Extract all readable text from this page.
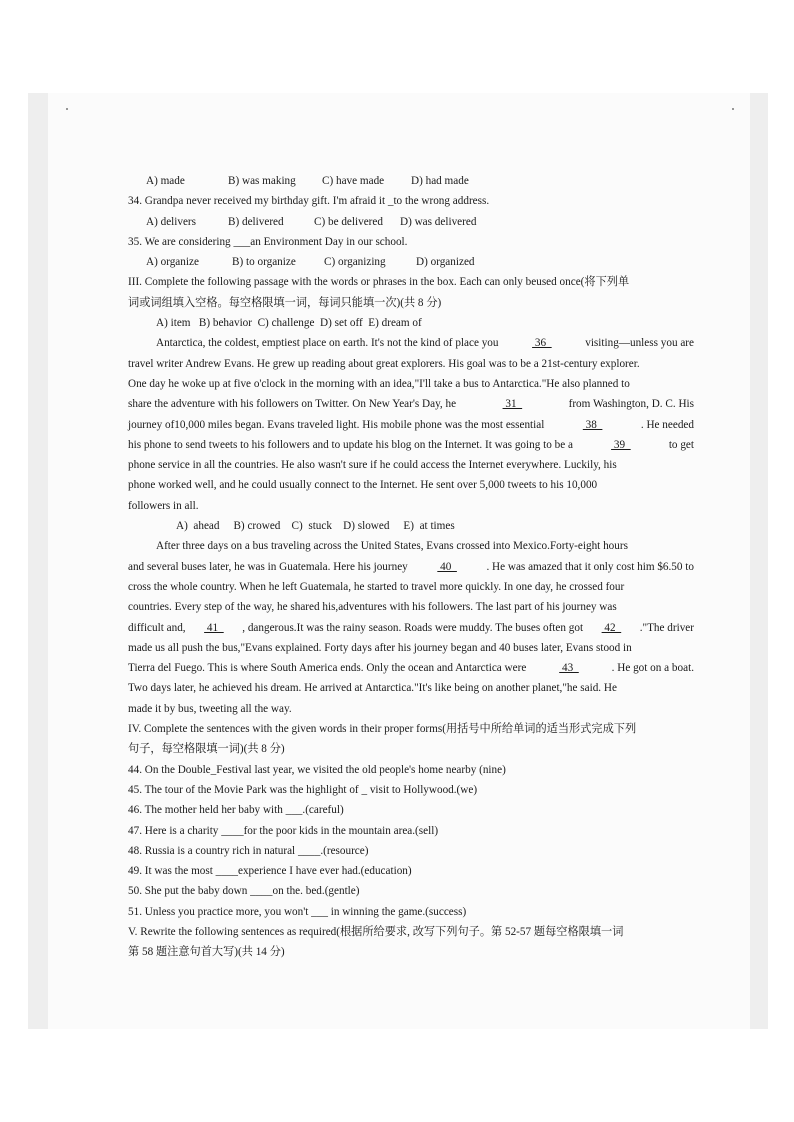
A) made	B) was making C) have made D) had made
34. Grandpa never received my birthday gift. I'm afraid it _to the wrong address.
A) delivers	B) delivered	C) be delivered D) was delivered
35. We are considering ___an Environment Day in our school.
A) organize	B) to organize	C) organizing	D) organized
III. Complete the following passage with the words or phrases in the box. Each can only beused once(将下列单
词或词组填入空格。每空格限填一词，每词只能填一次)(共 8 分)
A) item   B) behavior  C) challenge  D) set off  E) dream of
Antarctica, the coldest, emptiest place on earth. It's not the kind of place you	36	visiting—unless you are
travel writer Andrew Evans. He grew up reading about great explorers. His goal was to be a 21st-century explorer.
One day he woke up at five o'clock in the morning with an idea,"I'll take a bus to Antarctica."He also planned to
share the adventure with his followers on Twitter. On New Year's Day, he	31	from Washington, D. C. His
journey of10,000 miles began. Evans traveled light. His mobile phone was the most essential	38	. He needed
his phone to send tweets to his followers and to update his blog on the Internet. It was going to be a	39	to get
phone service in all the countries. He also wasn't sure if he could access the Internet everywhere. Luckily, his
phone worked well, and he could usually connect to the Internet. He sent over 5,000 tweets to his 10,000
followers in all.
A)  ahead     B) crowed    C)  stuck    D) slowed     E)  at times
After three days on a bus traveling across the United States, Evans crossed into Mexico.Forty-eight hours
and several buses later, he was in Guatemala. Here his journey	40	. He was amazed that it only cost him $6.50 to
cross the whole country. When he left Guatemala, he started to travel more quickly. In one day, he crossed four
countries. Every step of the way, he shared his,adventures with his followers. The last part of his journey was
difficult and, 41 , dangerous.It was the rainy season. Roads were muddy. The buses often got 42 ."The driver
made us all push the bus,"Evans explained. Forty days after his journey began and 40 buses later, Evans stood in
Tierra del Fuego. This is where South America ends. Only the ocean and Antarctica were	43	. He got on a boat.
Two days later, he achieved his dream. He arrived at Antarctica."It's like being on another planet,"he said. He
made it by bus, tweeting all the way.
IV. Complete the sentences with the given words in their proper forms(用括号中所给单词的适当形式完成下列
句子，每空格限填一词)(共 8 分)
44. On the Double_Festival last year, we visited the old people's home nearby (nine)
45. The tour of the Movie Park was the highlight of _ visit to Hollywood.(we)
46. The mother held her baby with ___.(careful)
47. Here is a charity ____for the poor kids in the mountain area.(sell)
48. Russia is a country rich in natural ____.(resource)
49. It was the most ____experience I have ever had.(education)
50. She put the baby down ____on the. bed.(gentle)
51. Unless you practice more, you won't ___ in winning the game.(success)
V. Rewrite the following sentences as required(根据所给要求, 改写下列句子。第 52-57 题每空格限填一词
第 58 题注意句首大写)(共 14 分)
